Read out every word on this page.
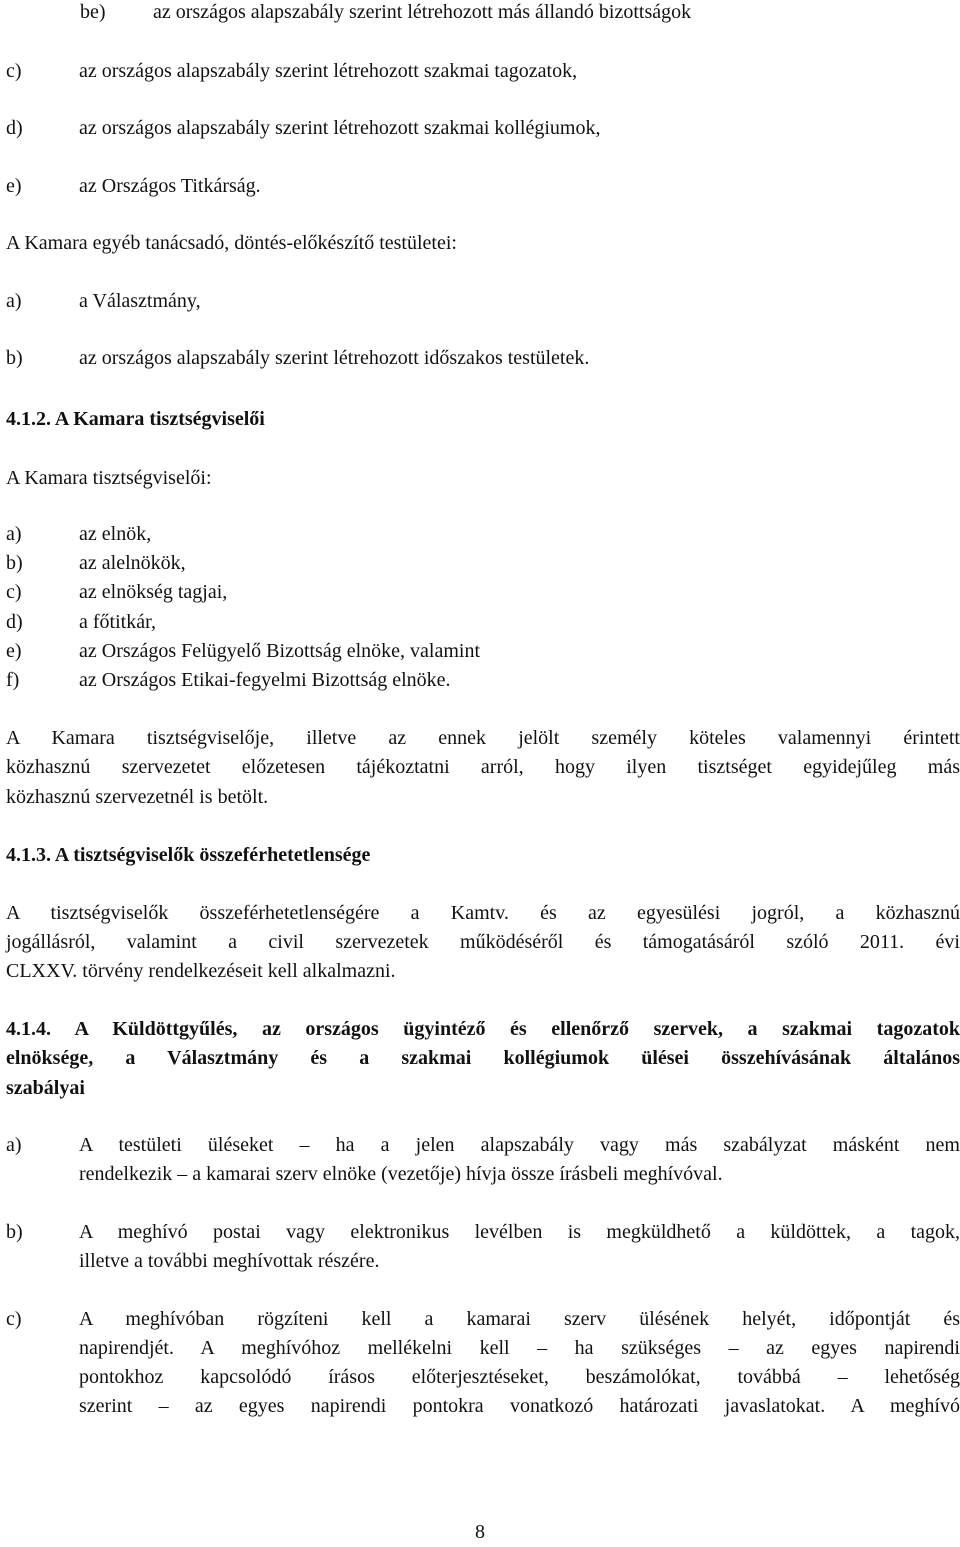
be) az országos alapszabály szerint létrehozott más állandó bizottságok
c)	az országos alapszabály szerint létrehozott szakmai tagozatok,
d)	az országos alapszabály szerint létrehozott szakmai kollégiumok,
e)	az Országos Titkárság.
A Kamara egyéb tanácsadó, döntés-előkészítő testületei:
a)	a Választmány,
b)	az országos alapszabály szerint létrehozott időszakos testületek.
4.1.2. A Kamara tisztségviselői
A Kamara tisztségviselői:
a)	az elnök,
b)	az alelnökök,
c)	az elnökség tagjai,
d)	a főtitkár,
e)	az Országos Felügyelő Bizottság elnöke, valamint
f)	az Országos Etikai-fegyelmi Bizottság elnöke.
A Kamara tisztségviselője, illetve az ennek jelölt személy köteles valamennyi érintett
közhasznú szervezetet előzetesen tájékoztatni arról, hogy ilyen tisztséget egyidejűleg más
közhasznú szervezetnél is betölt.
4.1.3. A tisztségviselők összeférhetetlensége
A tisztségviselők összeférhetetlenségére a Kamtv. és az egyesülési jogról, a közhasznú
jogállásról, valamint a civil szervezetek működéséről és támogatásáról szóló 2011. évi
CLXXV. törvény rendelkezéseit kell alkalmazni.
4.1.4. A Küldöttgyűlés, az országos ügyintéző és ellenőrző szervek, a szakmai tagozatok
elnöksége, a Választmány és a szakmai kollégiumok ülései összehívásának általános
szabályai
a)	A testületi üléseket – ha a jelen alapszabály vagy más szabályzat másként nem
rendelkezik – a kamarai szerv elnöke (vezetője) hívja össze írásbeli meghívóval.
b)	A meghívó postai vagy elektronikus levélben is megküldhető a küldöttek, a tagok,
illetve a további meghívottak részére.
c)	A meghívóban rögzíteni kell a kamarai szerv ülésének helyét, időpontját és
napirendjét. A meghívóhoz mellékelni kell – ha szükséges – az egyes napirendi
pontokhoz kapcsolódó írásos előterjesztéseket, beszámolókat, továbbá – lehetőség
szerint – az egyes napirendi pontokra vonatkozó határozati javaslatokat. A meghívó
8
